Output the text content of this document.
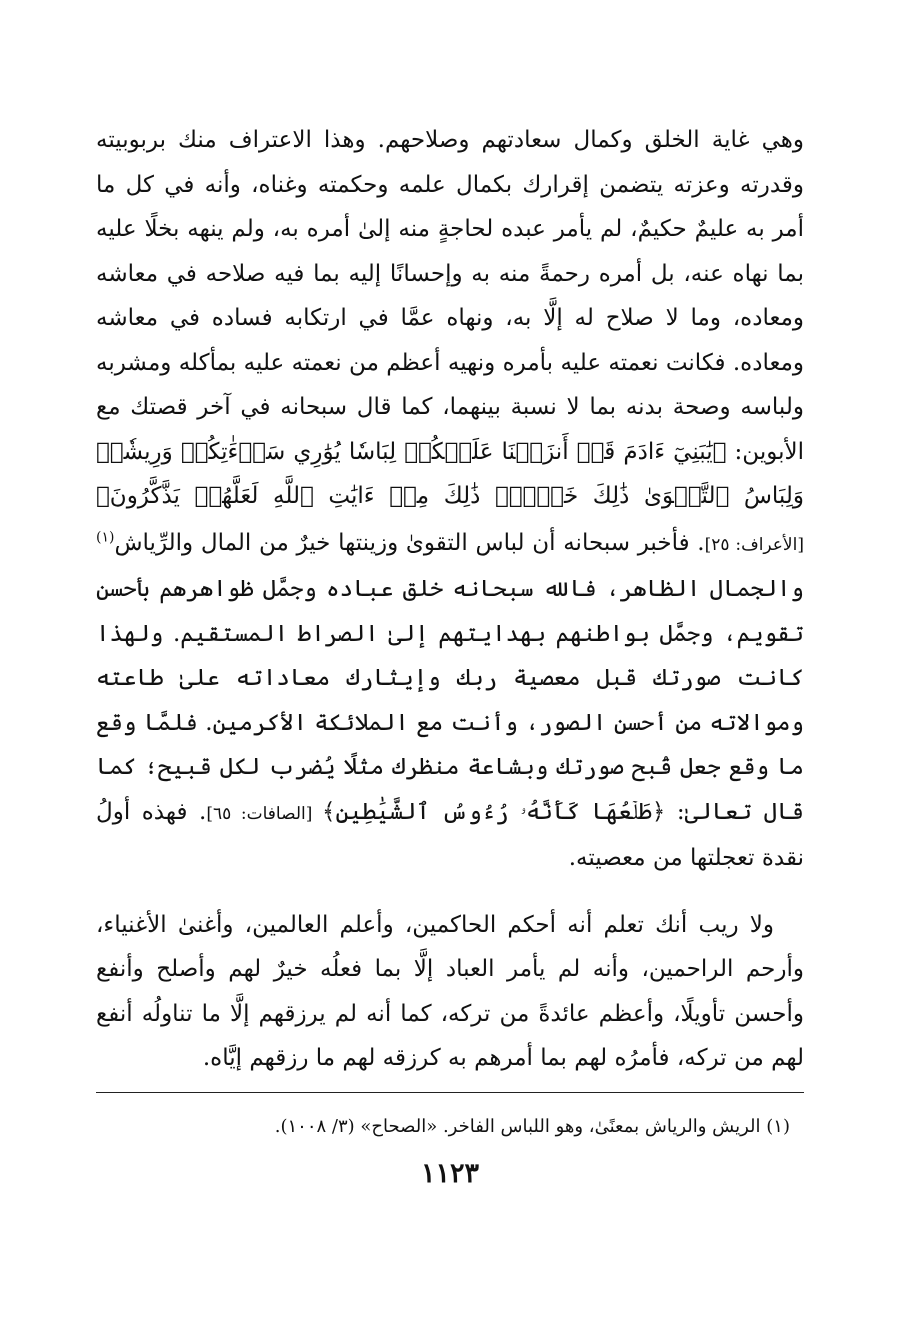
وهي غاية الخلق وكمال سعادتهم وصلاحهم. وهذا الاعتراف منك بربوبيته وقدرته وعزته يتضمن إقرارك بكمال علمه وحكمته وغناه، وأنه في كل ما أمر به عليمٌ حكيمٌ، لم يأمر عبده لحاجةٍ منه إلىٰ أمره به، ولم ينهه بخلًا عليه بما نهاه عنه، بل أمره رحمةً منه به وإحسانًا إليه بما فيه صلاحه في معاشه ومعاده، وما لا صلاح له إلَّا به، ونهاه عمَّا في ارتكابه فساده في معاشه ومعاده. فكانت نعمته عليه بأمره ونهيه أعظم من نعمته عليه بمأكله ومشربه ولباسه وصحة بدنه بما لا نسبة بينهما، كما قال سبحانه في آخر قصتك مع الأبوين: ﴿يَٰبَنِيٓ ءَادَمَ قَدۡ أَنزَلۡنَا عَلَيۡكُمۡ لِبَاسٗا يُوَٰرِي سَوۡءَٰتِكُمۡ وَرِيشٗاۖ وَلِبَاسُ ٱلتَّقۡوَىٰ ذَٰلِكَ خَيۡرٞۚ ذَٰلِكَ مِنۡ ءَايَٰتِ ٱللَّهِ لَعَلَّهُمۡ يَذَّكَّرُونَ﴾ [الأعراف: ٢٥]. فأخبر سبحانه أن لباس التقوىٰ وزينتها خيرٌ من المال والرِّياش$^{(١)}$ والجمال الظاهر، فالله سبحانه خلق عباده وجمَّل ظواهرهم بأحسن تقويم، وجمَّل بواطنهم بهدايتهم إلىٰ الصراط المستقيم. ولهذا كانت صورتك قبل معصية ربك وإيثارك معاداته علىٰ طاعته وموالاته من أحسن الصور، وأنت مع الملائكة الأكرمين. فلمَّا وقع ما وقع جعل قُبح صورتك وبشاعة منظرك مثلًا يُضرب لكل قبيح؛ كما قال تعالىٰ: ﴿طَلۡعُهَا كَأَنَّهُۥ رُءُوسُ ٱلشَّيَٰطِينِ﴾ [الصافات: ٦٥]. فهذه أولُ نقدة تعجلتها من معصيته.

ولا ريب أنك تعلم أنه أحكم الحاكمين، وأعلم العالمين، وأغنىٰ الأغنياء، وأرحم الراحمين، وأنه لم يأمر العباد إلَّا بما فعلُه خيرٌ لهم وأصلح وأنفع وأحسن تأويلًا، وأعظم عائدةً من تركه، كما أنه لم يرزقهم إلَّا ما تناولُه أنفع لهم من تركه، فأمرُه لهم بما أمرهم به كرزقه لهم ما رزقهم إيَّاه.

(١) الريش والرياش بمعنًىٰ، وهو اللباس الفاخر. «الصحاح» (٣/ ١٠٠٨).
١١٢٣
